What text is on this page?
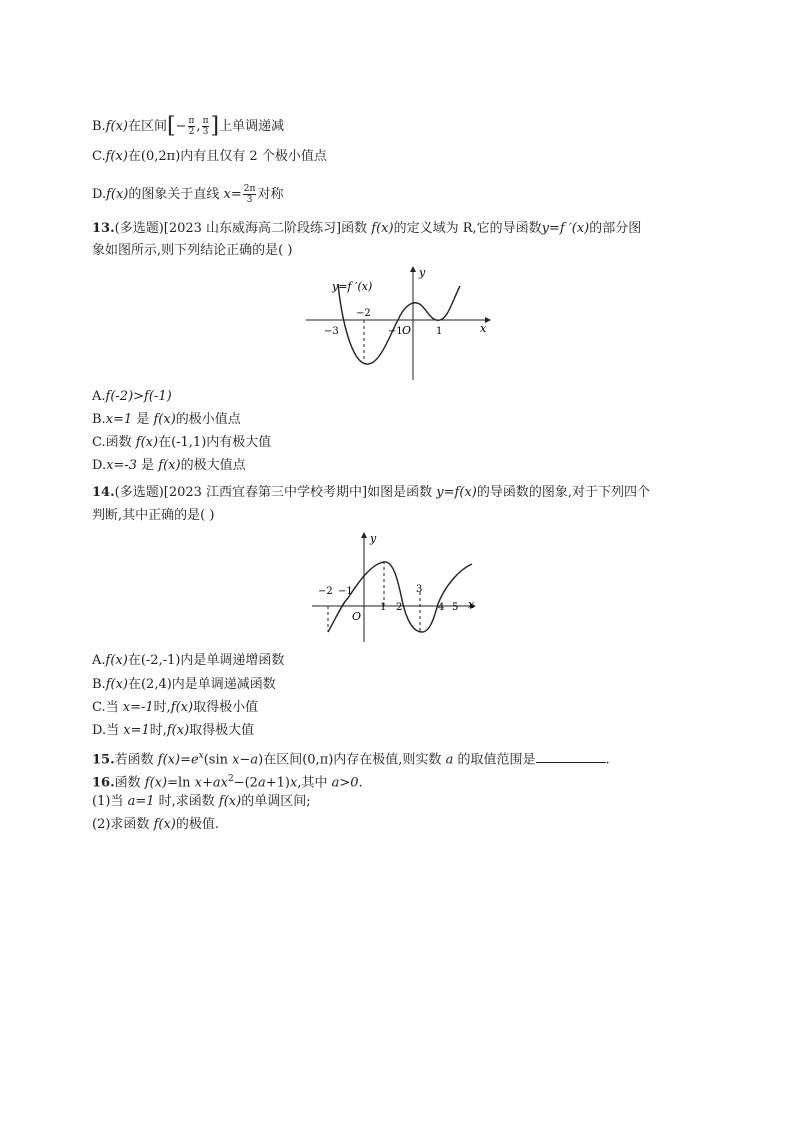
B.f(x)在区间[− $\frac{\pi}{2}$ , $\frac{\pi}{3}$ ]上单调递减
C.f(x)在(0,2π)内有且仅有 2 个极小值点
D.f(x)的图象关于直线 $x= \frac{2\pi}{3}$ 对称
13.(多选题)[2023 山东威海高二阶段练习]函数 f(x)的定义域为 R,它的导函数y=f ′(x)的部分图
象如图所示,则下列结论正确的是( )
y=f ′(x)
y
x
O
−3
−2
−1	1
A.f(-2)>f(-1)
B.x=1 是 f(x)的极小值点
C.函数 f(x)在(-1,1)内有极大值
D.x=-3 是 f(x)的极大值点
14.(多选题)[2023 江西宜春第三中学校考期中]如图是函数 y=f(x)的导函数的图象,对于下列四个
判断,其中正确的是( )
y
x
O
−2 −1
1 2
3
4 5
A.f(x)在(-2,-1)内是单调递增函数
B.f(x)在(2,4)内是单调递减函数
C.当 x=-1时,f(x)取得极小值
D.当 x=1时,f(x)取得极大值
15.若函数 $f(x)=e^x(\sin$ x−a)在区间(0,π)内存在极值,则实数 a 的取值范围是	.
16.函数 f(x)=ln $x+ax^2-(2a+1)x$,其中 a>0.
(1)当 a=1 时,求函数 f(x)的单调区间;
(2)求函数 f(x)的极值.
